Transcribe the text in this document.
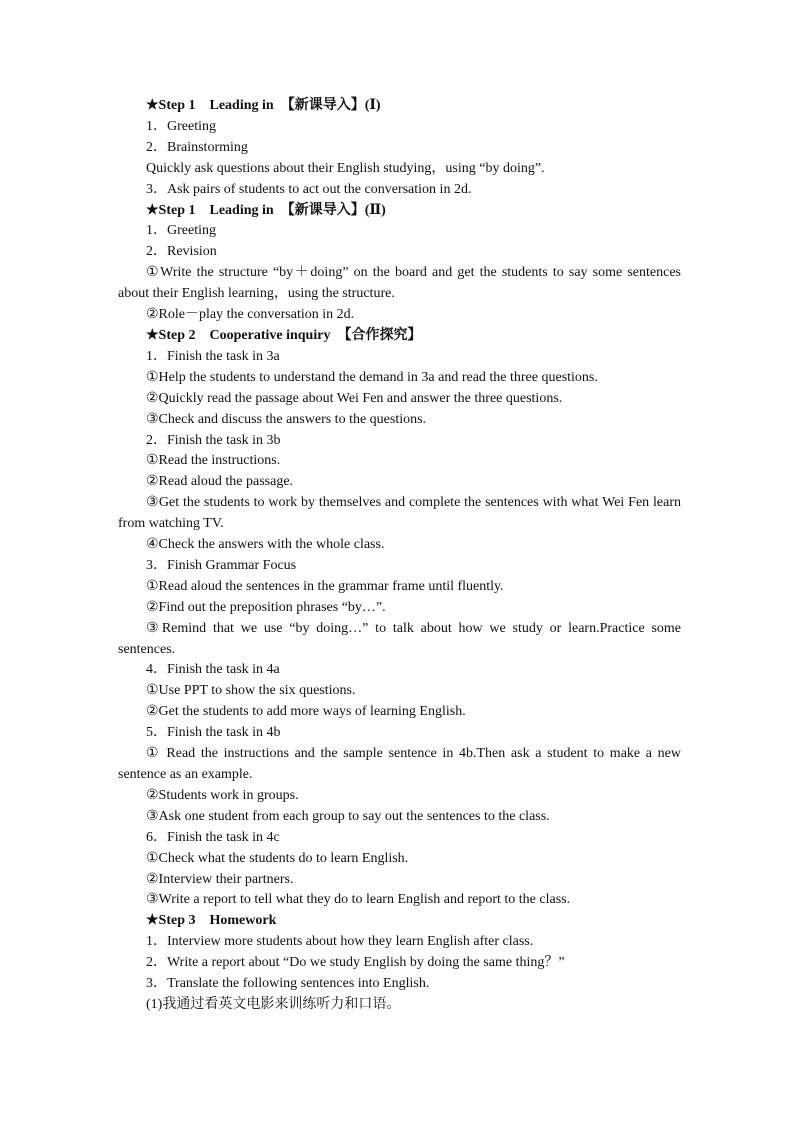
★Step 1　Leading in　【新课导入】(Ⅰ)

1．Greeting

2．Brainstorming

Quickly ask questions about their English studying，using “by doing”.

3．Ask pairs of students to act out the conversation in 2d.

★Step 1　Leading in　【新课导入】(Ⅱ)

1．Greeting

2．Revision

①Write the structure “by＋doing” on the board and get the students to say some sentences about their English learning，using the structure.

②Role－play the conversation in 2d.

★Step 2　Cooperative inquiry　【合作探究】

1．Finish the task in 3a

①Help the students to understand the demand in 3a and read the three questions.

②Quickly read the passage about Wei Fen and answer the three questions.

③Check and discuss the answers to the questions.

2．Finish the task in 3b

①Read the instructions.

②Read aloud the passage.

③Get the students to work by themselves and complete the sentences with what Wei Fen learn from watching TV.

④Check the answers with the whole class.

3．Finish Grammar Focus

①Read aloud the sentences in the grammar frame until fluently.

②Find out the preposition phrases “by…”.

③Remind that we use “by doing…” to talk about how we study or learn.Practice some sentences.

4．Finish the task in 4a

①Use PPT to show the six questions.

②Get the students to add more ways of learning English.

5．Finish the task in 4b

① Read the instructions and the sample sentence in 4b.Then ask a student to make a new sentence as an example.

②Students work in groups.

③Ask one student from each group to say out the sentences to the class.

6．Finish the task in 4c

①Check what the students do to learn English.

②Interview their partners.

③Write a report to tell what they do to learn English and report to the class.

★Step 3　Homework

1．Interview more students about how they learn English after class.

2．Write a report about “Do we study English by doing the same thing？”

3．Translate the following sentences into English.

(1)我通过看英文电影来训练听力和口语。
